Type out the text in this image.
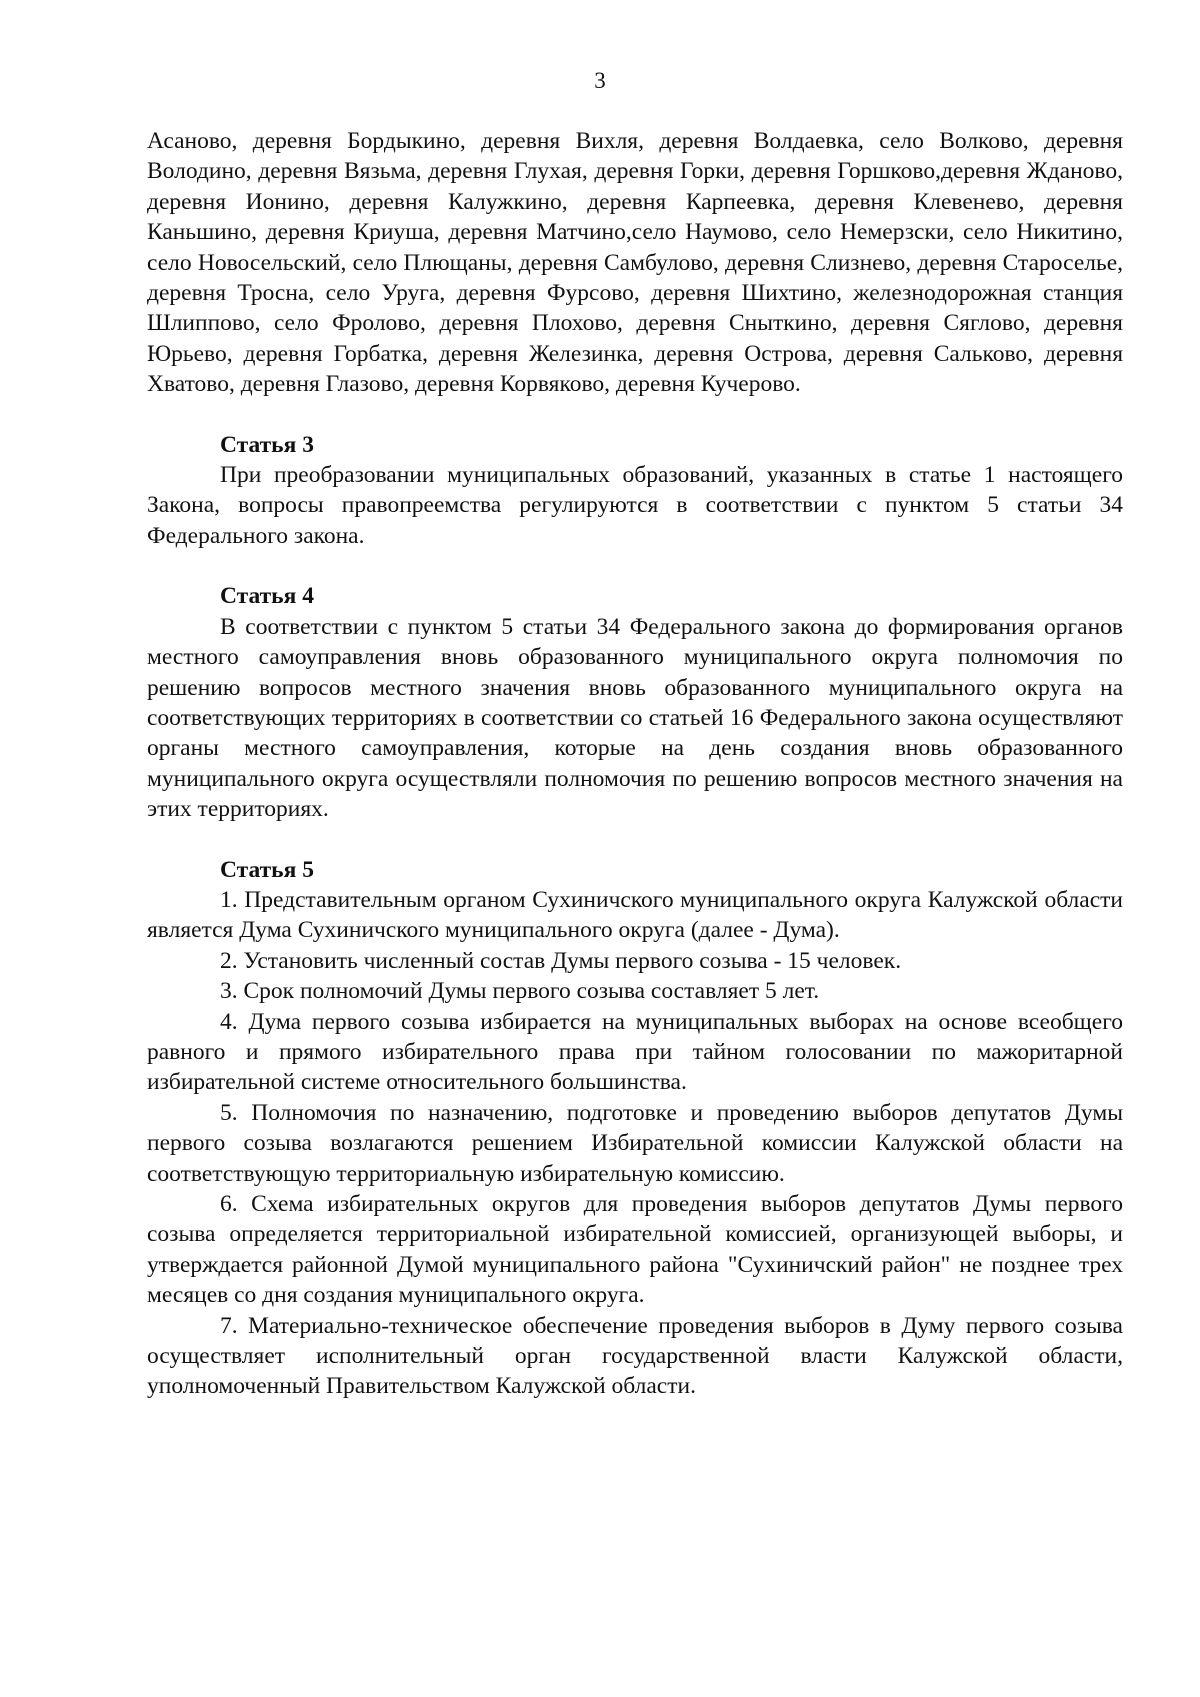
3

Асаново, деревня Бордыкино, деревня Вихля, деревня Волдаевка, село Волково, деревня Володино, деревня Вязьма, деревня Глухая, деревня Горки, деревня Горшково,деревня Жданово, деревня Ионино, деревня Калужкино, деревня Карпеевка, деревня Клевенево, деревня Каньшино, деревня Криуша, деревня Матчино,село Наумово, село Немерзски, село Никитино, село Новосельский, село Плющаны, деревня Самбулово, деревня Слизнево, деревня Староселье, деревня Тросна, село Уруга, деревня Фурсово, деревня Шихтино, железнодорожная станция Шлиппово, село Фролово, деревня Плохово, деревня Сныткино, деревня Сяглово, деревня Юрьево, деревня Горбатка, деревня Железинка, деревня Острова, деревня Сальково, деревня Хватово, деревня Глазово, деревня Корвяково, деревня Кучерово.

Статья 3

При преобразовании муниципальных образований, указанных в статье 1 настоящего Закона, вопросы правопреемства регулируются в соответствии с пунктом 5 статьи 34 Федерального закона.

Статья 4

В соответствии с пунктом 5 статьи 34 Федерального закона до формирования органов местного самоуправления вновь образованного муниципального округа полномочия по решению вопросов местного значения вновь образованного муниципального округа на соответствующих территориях в соответствии со статьей 16 Федерального закона осуществляют органы местного самоуправления, которые на день создания вновь образованного муниципального округа осуществляли полномочия по решению вопросов местного значения на этих территориях.

Статья 5

1. Представительным органом Сухиничского муниципального округа Калужской области является Дума Сухиничского муниципального округа (далее - Дума).

2. Установить численный состав Думы первого созыва - 15 человек.

3. Срок полномочий Думы первого созыва составляет 5 лет.

4. Дума первого созыва избирается на муниципальных выборах на основе всеобщего равного и прямого избирательного права при тайном голосовании по мажоритарной избирательной системе относительного большинства.

5. Полномочия по назначению, подготовке и проведению выборов депутатов Думы первого созыва возлагаются решением Избирательной комиссии Калужской области на соответствующую территориальную избирательную комиссию.

6. Схема избирательных округов для проведения выборов депутатов Думы первого созыва определяется территориальной избирательной комиссией, организующей выборы, и утверждается районной Думой муниципального района "Сухиничский район" не позднее трех месяцев со дня создания муниципального округа.

7. Материально-техническое обеспечение проведения выборов в Думу первого созыва осуществляет исполнительный орган государственной власти Калужской области, уполномоченный Правительством Калужской области.
